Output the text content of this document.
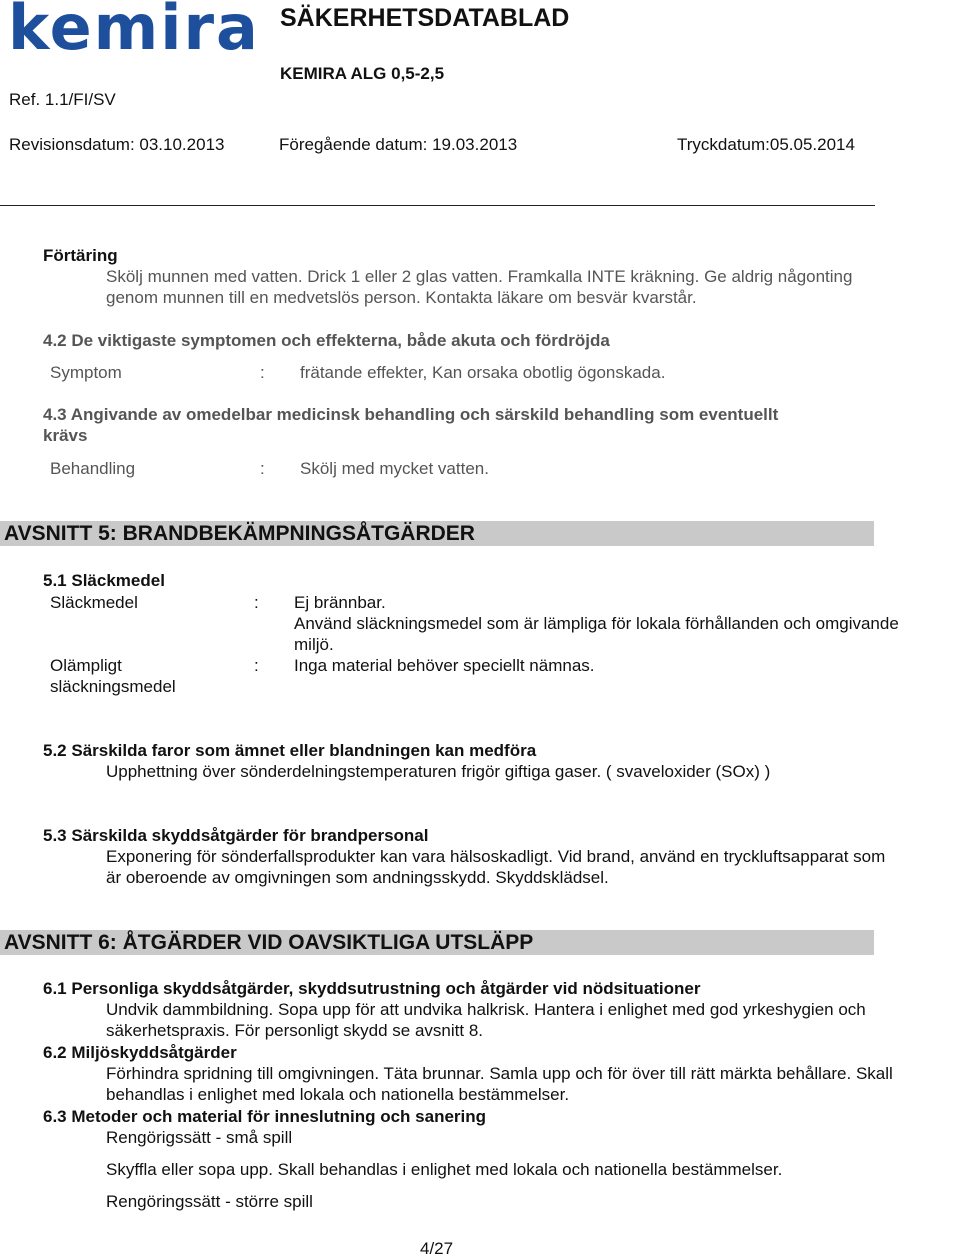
kemira SÄKERHETSDATABLAD
KEMIRA ALG 0,5-2,5
Ref. 1.1/FI/SV
Revisionsdatum: 03.10.2013	Föregående datum: 19.03.2013	Tryckdatum:05.05.2014
Förtäring
Skölj munnen med vatten. Drick 1 eller 2 glas vatten. Framkalla INTE kräkning. Ge aldrig någonting
genom munnen till en medvetslös person. Kontakta läkare om besvär kvarstår.
4.2 De viktigaste symptomen och effekterna, både akuta och fördröjda
Symptom	: frätande effekter, Kan orsaka obotlig ögonskada.
4.3 Angivande av omedelbar medicinsk behandling och särskild behandling som eventuellt
krävs
Behandling	: Skölj med mycket vatten.
AVSNITT 5: BRANDBEKÄMPNINGSÅTGÄRDER
5.1 Släckmedel
Släckmedel	: Ej brännbar.
Använd släckningsmedel som är lämpliga för lokala förhållanden och omgivande
miljö.
Olämpligt
släckningsmedel
: Inga material behöver speciellt nämnas.
5.2 Särskilda faror som ämnet eller blandningen kan medföra
Upphettning över sönderdelningstemperaturen frigör giftiga gaser. ( svaveloxider (SOx) )
5.3 Särskilda skyddsåtgärder för brandpersonal
Exponering för sönderfallsprodukter kan vara hälsoskadligt. Vid brand, använd en tryckluftsapparat som
är oberoende av omgivningen som andningsskydd. Skyddsklädsel.
AVSNITT 6: ÅTGÄRDER VID OAVSIKTLIGA UTSLÄPP
6.1 Personliga skyddsåtgärder, skyddsutrustning och åtgärder vid nödsituationer
Undvik dammbildning. Sopa upp för att undvika halkrisk. Hantera i enlighet med god yrkeshygien och
säkerhetspraxis. För personligt skydd se avsnitt 8.
6.2 Miljöskyddsåtgärder
Förhindra spridning till omgivningen. Täta brunnar. Samla upp och för över till rätt märkta behållare. Skall
behandlas i enlighet med lokala och nationella bestämmelser.
6.3 Metoder och material för inneslutning och sanering
Rengörigssätt - små spill
Skyffla eller sopa upp. Skall behandlas i enlighet med lokala och nationella bestämmelser.
Rengöringssätt - större spill
4/27
